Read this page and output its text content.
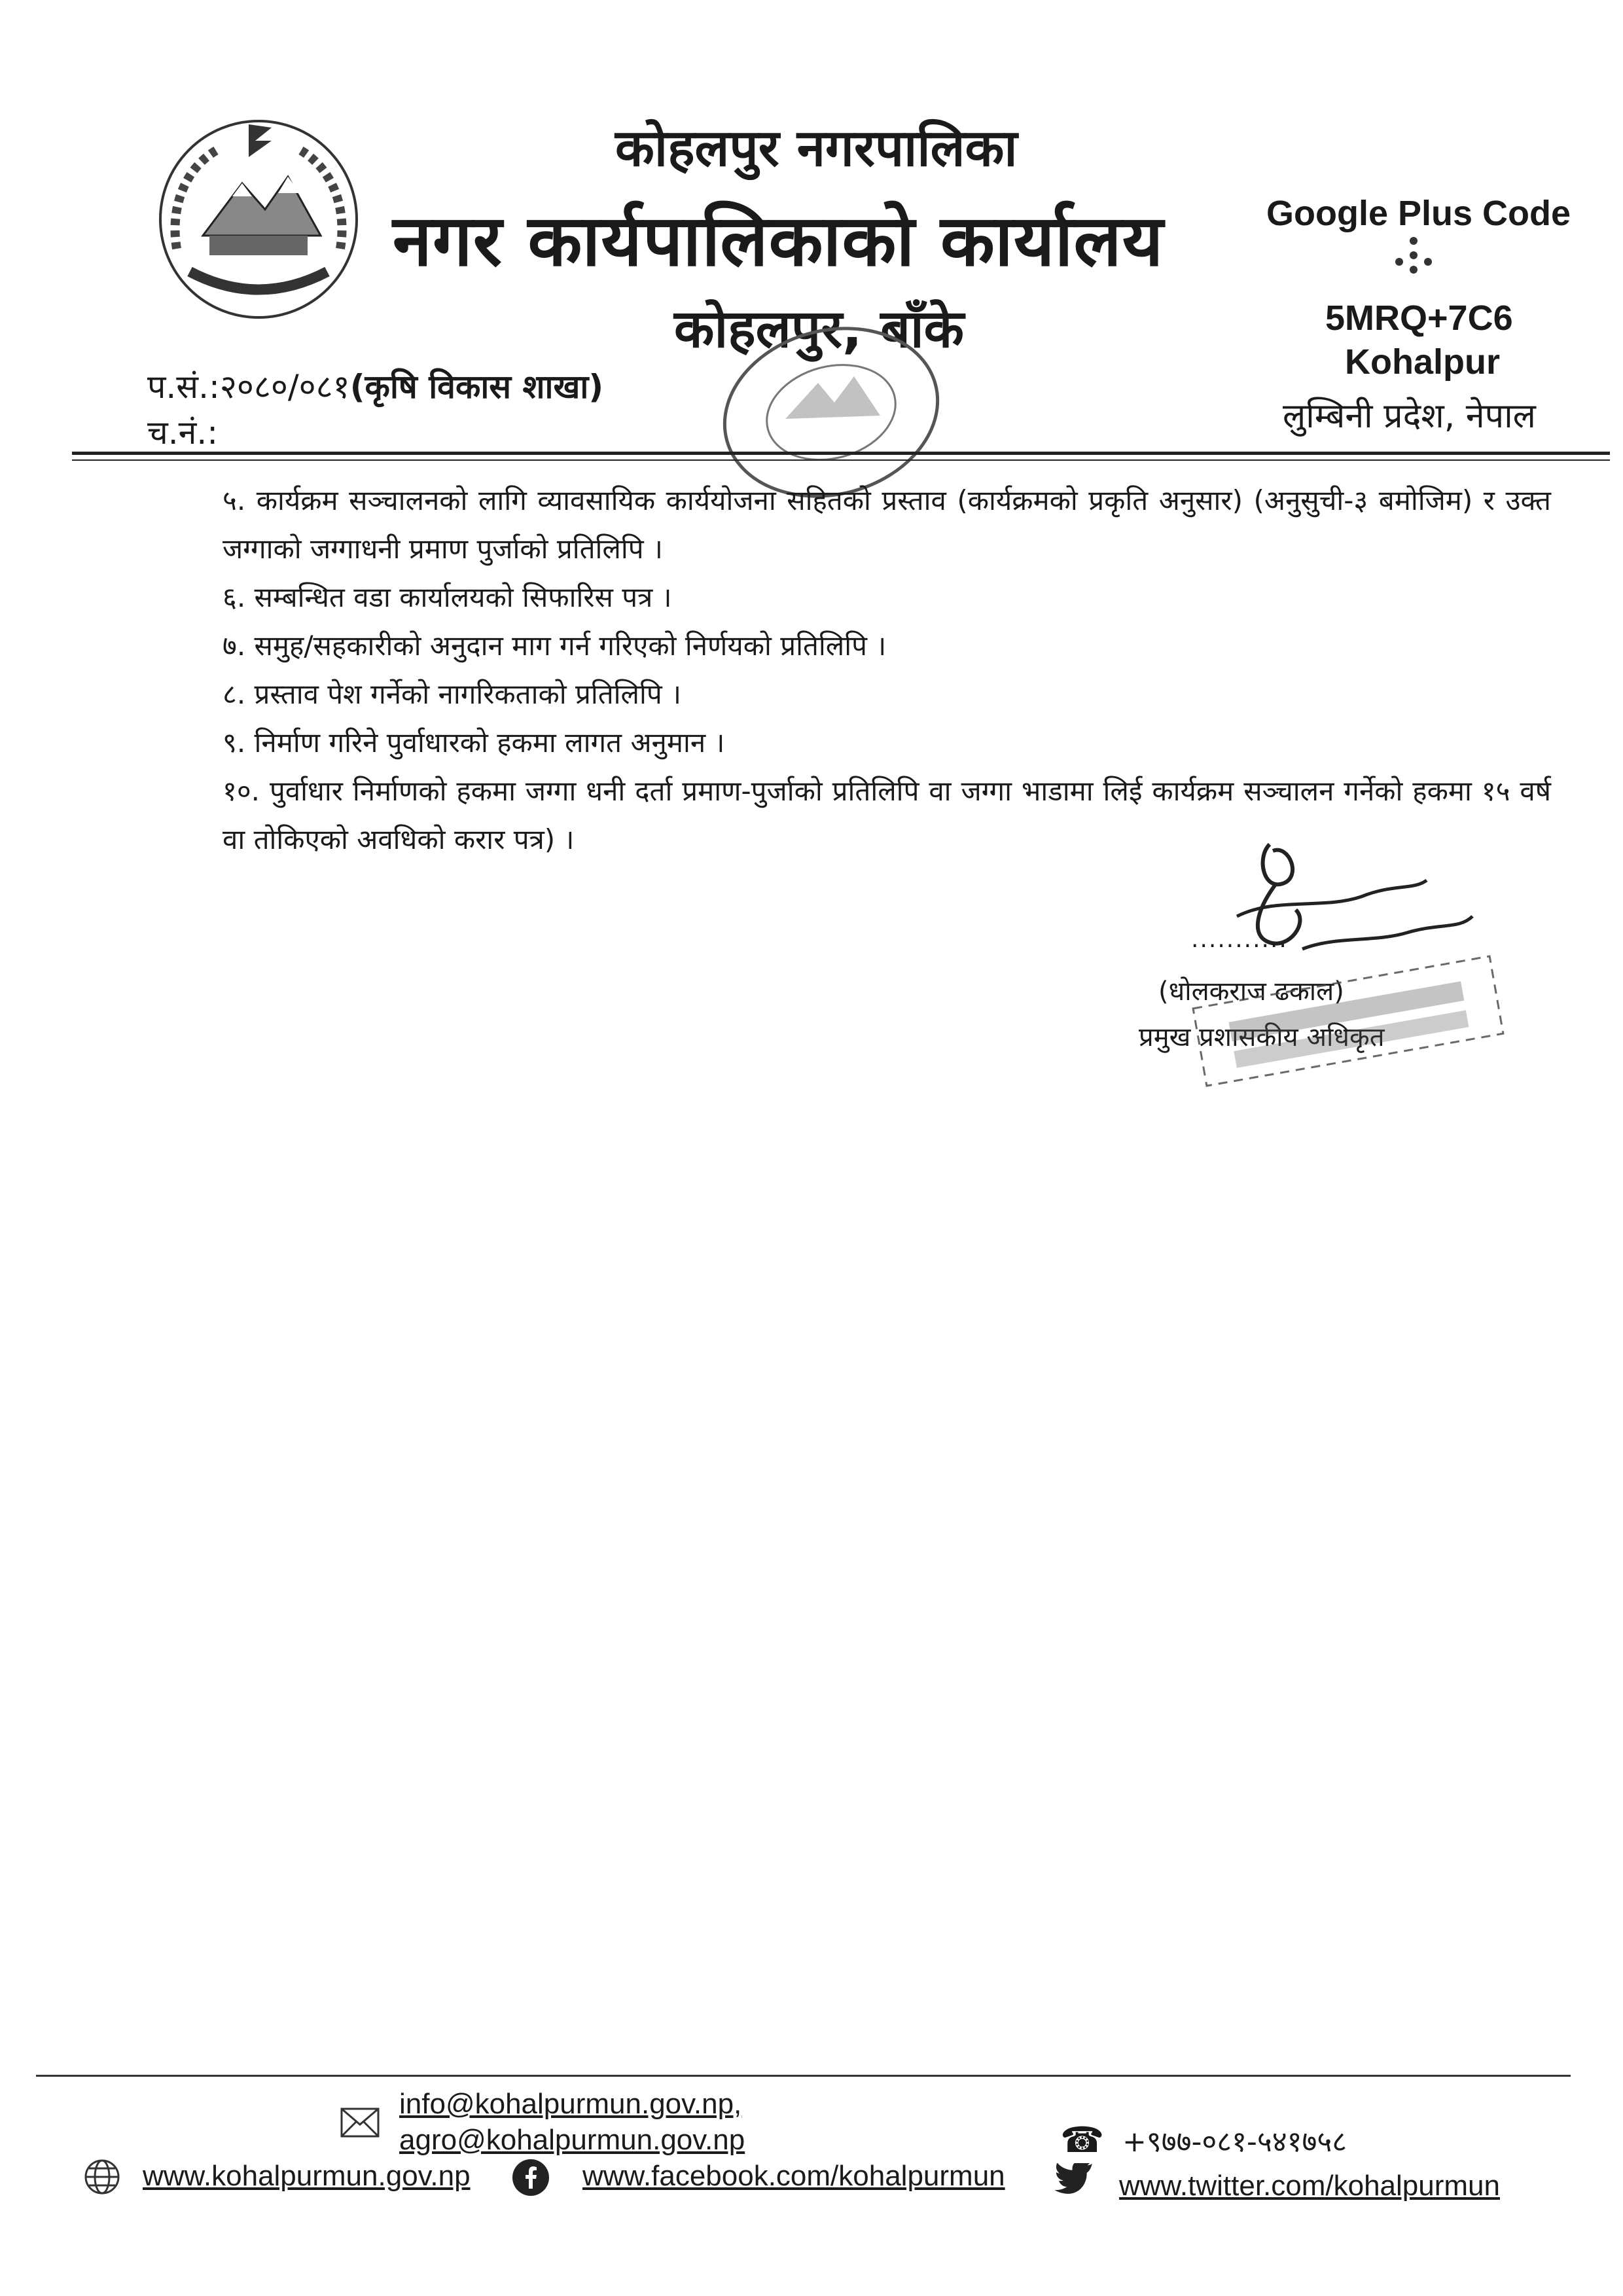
कोहलपुर नगरपालिका
नगर कार्यपालिकाको कार्यालय
कोहलपुर, बाँके
Google Plus Code
5MRQ+7C6
Kohalpur
लुम्बिनी प्रदेश, नेपाल
प.सं.:२०८०/०८१(कृषि विकास शाखा)
च.नं.:

५. कार्यक्रम सञ्चालनको लागि व्यावसायिक कार्ययोजना सहितको प्रस्ताव (कार्यक्रमको प्रकृति अनुसार) (अनुसुची-३ बमोजिम) र उक्त जग्गाको जग्गाधनी प्रमाण पुर्जाको प्रतिलिपि ।

६. सम्बन्धित वडा कार्यालयको सिफारिस पत्र ।

७. समुह/सहकारीको अनुदान माग गर्न गरिएको निर्णयको प्रतिलिपि ।

८. प्रस्ताव पेश गर्नेको नागरिकताको प्रतिलिपि ।

९. निर्माण गरिने पुर्वाधारको हकमा लागत अनुमान ।

१०. पुर्वाधार निर्माणको हकमा जग्गा धनी दर्ता प्रमाण-पुर्जाको प्रतिलिपि वा जग्गा भाडामा लिई कार्यक्रम सञ्चालन गर्नेको हकमा १५ वर्ष वा तोकिएको अवधिको करार पत्र) ।

...........
(धोलकराज ढकाल)
प्रमुख प्रशासकीय अधिकृत
info@kohalpurmun.gov.np,
agro@kohalpurmun.gov.np	☎ +९७७-०८१-५४१७५८
www.kohalpurmun.gov.np	www.facebook.com/kohalpurmun	www.twitter.com/kohalpurmun
